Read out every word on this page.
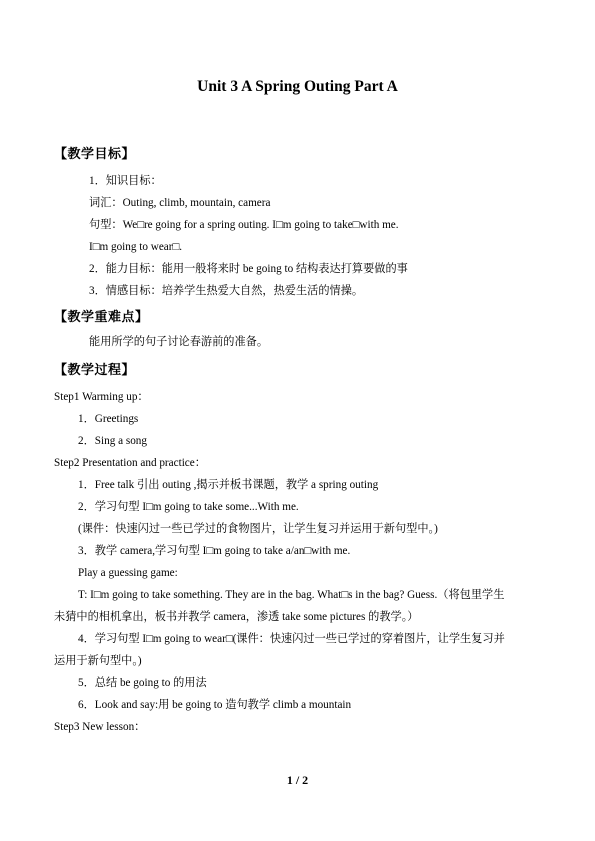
Unit 3 A Spring Outing Part A
【教学目标】
1．知识目标：
词汇：Outing, climb, mountain, camera
句型：We□re going for a spring outing. I□m going to take□with me.
I□m going to wear□.
2．能力目标：能用一般将来时 be going to 结构表达打算要做的事
3．情感目标：培养学生热爱大自然，热爱生活的情操。
【教学重难点】
能用所学的句子讨论春游前的准备。
【教学过程】
Step1 Warming up：
1．Greetings
2．Sing a song
Step2 Presentation and practice：
1．Free talk 引出 outing ,揭示并板书课题，教学 a spring outing
2．学习句型 I□m going to take some...With me.
(课件：快速闪过一些已学过的食物图片，让学生复习并运用于新句型中。)
3．教学 camera,学习句型 I□m going to take a/an□with me.
Play a guessing game:
T: I□m going to take something. They are in the bag. What□s in the bag? Guess.（将包里学生
未猜中的相机拿出，板书并教学 camera，渗透 take some pictures 的教学。）
4．学习句型 I□m going to wear□(课件：快速闪过一些已学过的穿着图片，让学生复习并
运用于新句型中。)
5．总结 be going to 的用法
6．Look and say:用 be going to 造句教学 climb a mountain
Step3 New lesson：
1 / 2
